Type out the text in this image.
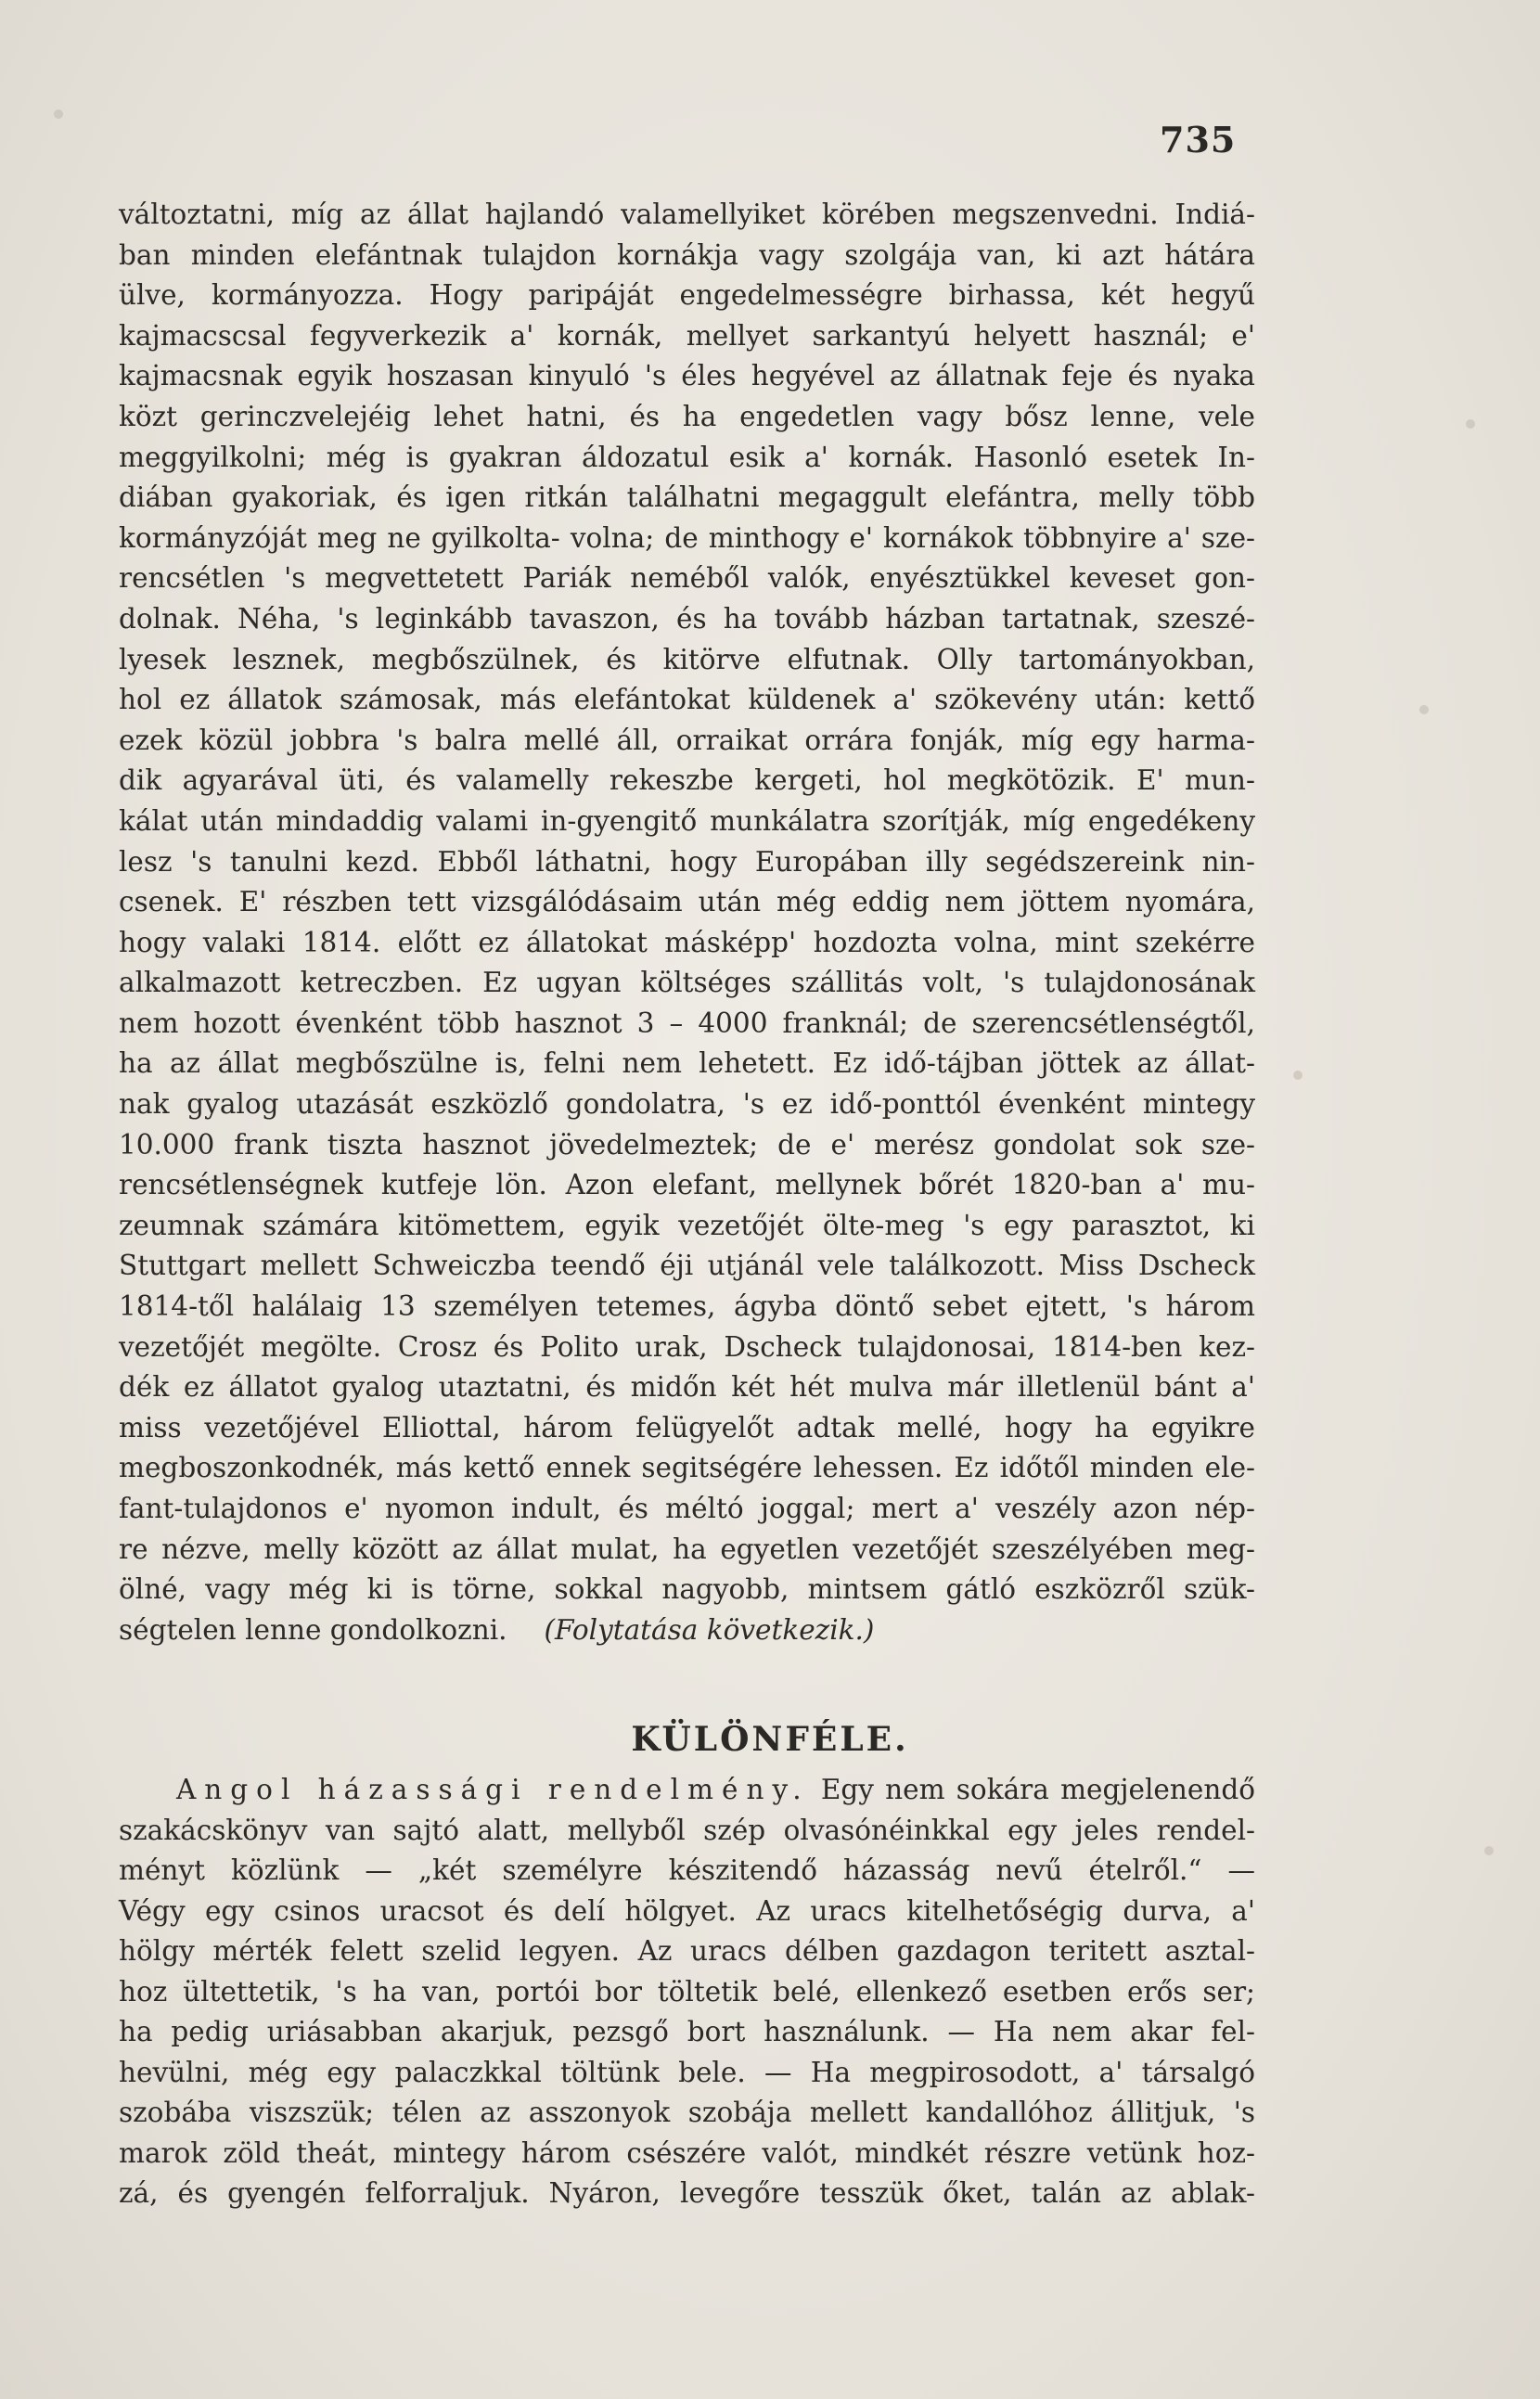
735
változtatni, míg az állat hajlandó valamellyiket körében megszenvedni. Indiá-
ban minden elefántnak tulajdon kornákja vagy szolgája van, ki azt hátára
ülve, kormányozza. Hogy paripáját engedelmességre birhassa, két hegyű
kajmacscsal fegyverkezik a' kornák, mellyet sarkantyú helyett használ; e'
kajmacsnak egyik hoszasan kinyuló 's éles hegyével az állatnak feje és nyaka
közt gerinczvelejéig lehet hatni, és ha engedetlen vagy bősz lenne, vele
meggyilkolni; még is gyakran áldozatul esik a' kornák. Hasonló esetek In-
diában gyakoriak, és igen ritkán találhatni megaggult elefántra, melly több
kormányzóját meg ne gyilkolta- volna; de minthogy e' kornákok többnyire a' sze-
rencsétlen 's megvettetett Pariák neméből valók, enyésztükkel keveset gon-
dolnak. Néha, 's leginkább tavaszon, és ha tovább házban tartatnak, szeszé-
lyesek lesznek, megbőszülnek, és kitörve elfutnak. Olly tartományokban,
hol ez állatok számosak, más elefántokat küldenek a' szökevény után: kettő
ezek közül jobbra 's balra mellé áll, orraikat orrára fonják, míg egy harma-
dik agyarával üti, és valamelly rekeszbe kergeti, hol megkötözik. E' mun-
kálat után mindaddig valami in-gyengitő munkálatra szorítják, míg engedékeny
lesz 's tanulni kezd. Ebből láthatni, hogy Europában illy segédszereink nin-
csenek. E' részben tett vizsgálódásaim után még eddig nem jöttem nyomára,
hogy valaki 1814. előtt ez állatokat másképp' hozdozta volna, mint szekérre
alkalmazott ketreczben. Ez ugyan költséges szállitás volt, 's tulajdonosának
nem hozott évenként több hasznot 3 – 4000 franknál; de szerencsétlenségtől,
ha az állat megbőszülne is, felni nem lehetett. Ez idő-tájban jöttek az állat-
nak gyalog utazását eszközlő gondolatra, 's ez idő-ponttól évenként mintegy
10.000 frank tiszta hasznot jövedelmeztek; de e' merész gondolat sok sze-
rencsétlenségnek kutfeje lön. Azon elefant, mellynek bőrét 1820-ban a' mu-
zeumnak számára kitömettem, egyik vezetőjét ölte-meg 's egy parasztot, ki
Stuttgart mellett Schweiczba teendő éji utjánál vele találkozott. Miss Dscheck
1814-től halálaig 13 személyen tetemes, ágyba döntő sebet ejtett, 's három
vezetőjét megölte. Crosz és Polito urak, Dscheck tulajdonosai, 1814-ben kez-
dék ez állatot gyalog utaztatni, és midőn két hét mulva már illetlenül bánt a'
miss vezetőjével Elliottal, három felügyelőt adtak mellé, hogy ha egyikre
megboszonkodnék, más kettő ennek segitségére lehessen. Ez időtől minden ele-
fant-tulajdonos e' nyomon indult, és méltó joggal; mert a' veszély azon nép-
re nézve, melly között az állat mulat, ha egyetlen vezetőjét szeszélyében meg-
ölné, vagy még ki is törne, sokkal nagyobb, mintsem gátló eszközről szük-
ségtelen lenne gondolkozni. (Folytatása következik.)
KÜLÖNFÉLE.
Angol házassági rendelmény. Egy nem sokára megjelenendő
szakácskönyv van sajtó alatt, mellyből szép olvasónéinkkal egy jeles rendel-
ményt közlünk — „két személyre készitendő házasság nevű ételről.“ —
Végy egy csinos uracsot és delí hölgyet. Az uracs kitelhetőségig durva, a'
hölgy mérték felett szelid legyen. Az uracs délben gazdagon teritett asztal-
hoz ültettetik, 's ha van, portói bor töltetik belé, ellenkező esetben erős ser;
ha pedig uriásabban akarjuk, pezsgő bort használunk. — Ha nem akar fel-
hevülni, még egy palaczkkal töltünk bele. — Ha megpirosodott, a' társalgó
szobába viszszük; télen az asszonyok szobája mellett kandallóhoz állitjuk, 's
marok zöld theát, mintegy három csészére valót, mindkét részre vetünk hoz-
zá, és gyengén felforraljuk. Nyáron, levegőre tesszük őket, talán az ablak-
